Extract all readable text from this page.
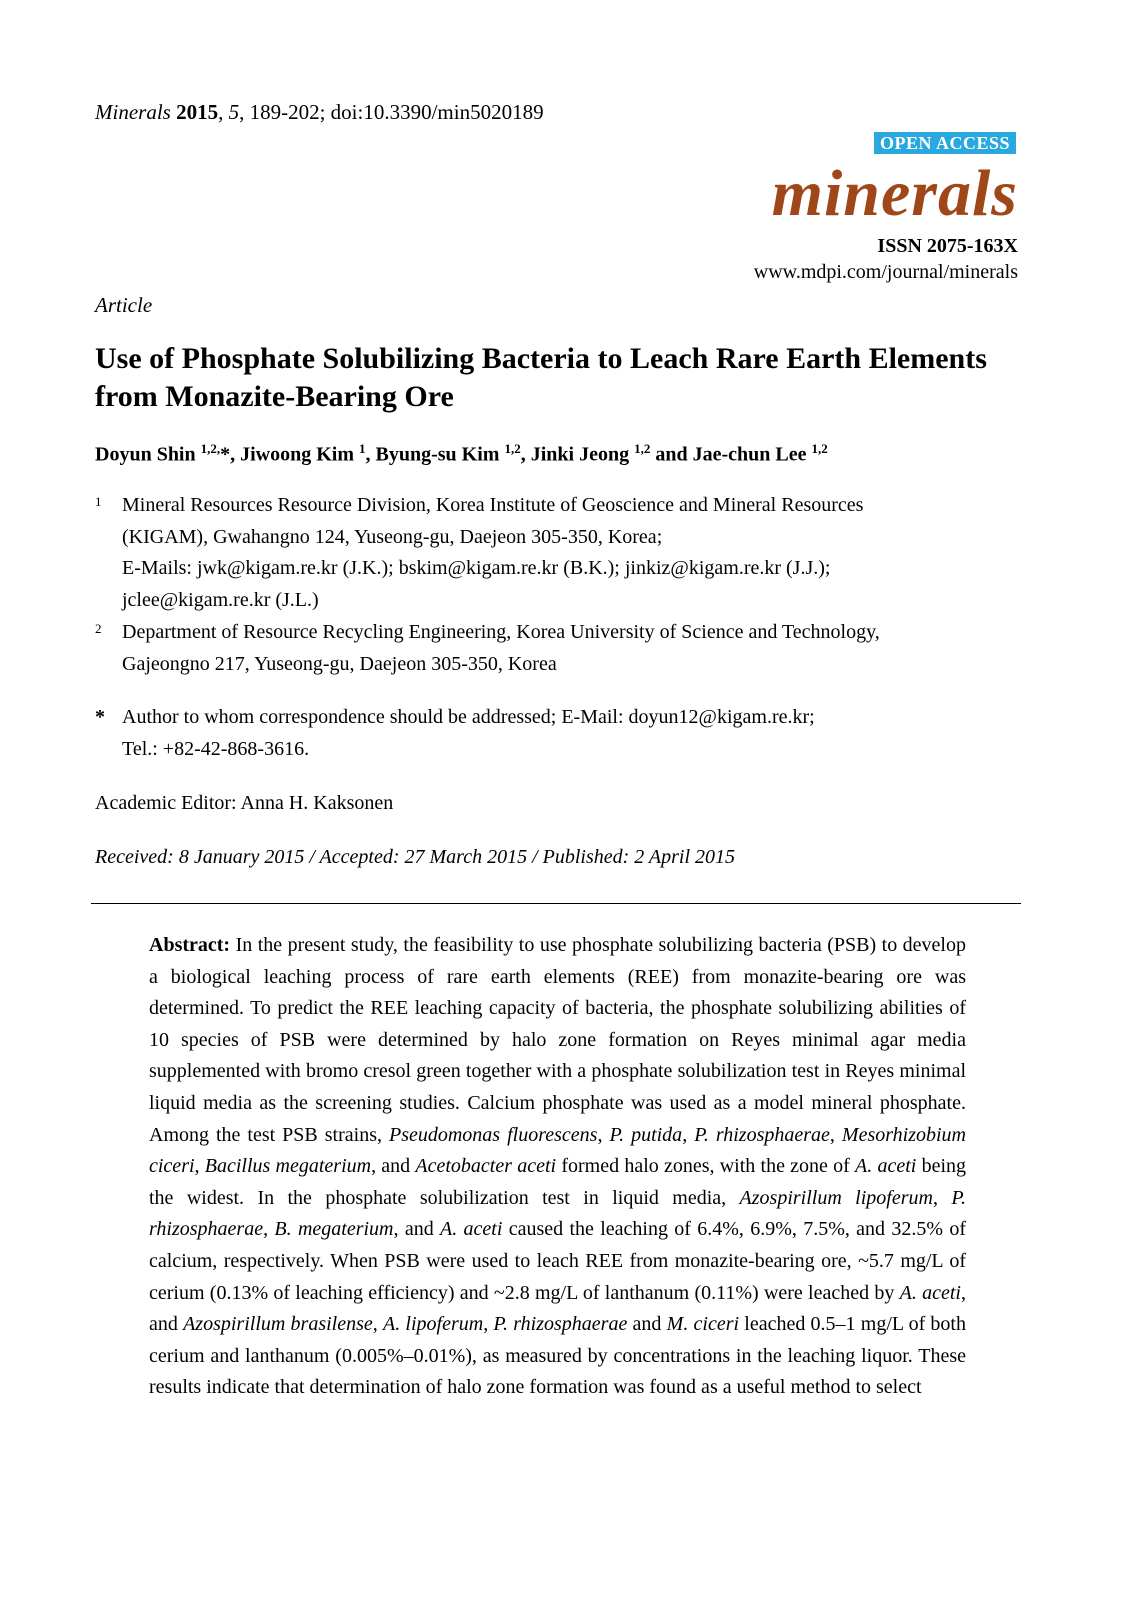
Minerals 2015, 5, 189-202; doi:10.3390/min5020189
OPEN ACCESS
minerals
ISSN 2075-163X
www.mdpi.com/journal/minerals
Article
Use of Phosphate Solubilizing Bacteria to Leach Rare Earth Elements from Monazite-Bearing Ore
Doyun Shin $^{1,2,}$*, Jiwoong Kim $^1$, Byung-su Kim $^{1,2}$, Jinki Jeong $^{1,2}$ and Jae-chun Lee $^{1,2}$
1 Mineral Resources Resource Division, Korea Institute of Geoscience and Mineral Resources
(KIGAM), Gwahangno 124, Yuseong-gu, Daejeon 305-350, Korea;
E-Mails: jwk@kigam.re.kr (J.K.); bskim@kigam.re.kr (B.K.); jinkiz@kigam.re.kr (J.J.);
jclee@kigam.re.kr (J.L.)
2 Department of Resource Recycling Engineering, Korea University of Science and Technology,
Gajeongno 217, Yuseong-gu, Daejeon 305-350, Korea
* Author to whom correspondence should be addressed; E-Mail: doyun12@kigam.re.kr;
Tel.: +82-42-868-3616.
Academic Editor: Anna H. Kaksonen
Received: 8 January 2015 / Accepted: 27 March 2015 / Published: 2 April 2015
Abstract: In the present study, the feasibility to use phosphate solubilizing bacteria (PSB) to develop a biological leaching process of rare earth elements (REE) from monazite-bearing ore was determined. To predict the REE leaching capacity of bacteria, the phosphate solubilizing abilities of 10 species of PSB were determined by halo zone formation on Reyes minimal agar media supplemented with bromo cresol green together with a phosphate solubilization test in Reyes minimal liquid media as the screening studies. Calcium phosphate was used as a model mineral phosphate. Among the test PSB strains, Pseudomonas fluorescens, P. putida, P. rhizosphaerae, Mesorhizobium ciceri, Bacillus megaterium, and Acetobacter aceti formed halo zones, with the zone of A. aceti being the widest. In the phosphate solubilization test in liquid media, Azospirillum lipoferum, P. rhizosphaerae, B. megaterium, and A. aceti caused the leaching of 6.4%, 6.9%, 7.5%, and 32.5% of calcium, respectively. When PSB were used to leach REE from monazite-bearing ore, ~5.7 mg/L of cerium (0.13% of leaching efficiency) and ~2.8 mg/L of lanthanum (0.11%) were leached by A. aceti, and Azospirillum brasilense, A. lipoferum, P. rhizosphaerae and M. ciceri leached 0.5–1 mg/L of both cerium and lanthanum (0.005%–0.01%), as measured by concentrations in the leaching liquor. These results indicate that determination of halo zone formation was found as a useful method to select
